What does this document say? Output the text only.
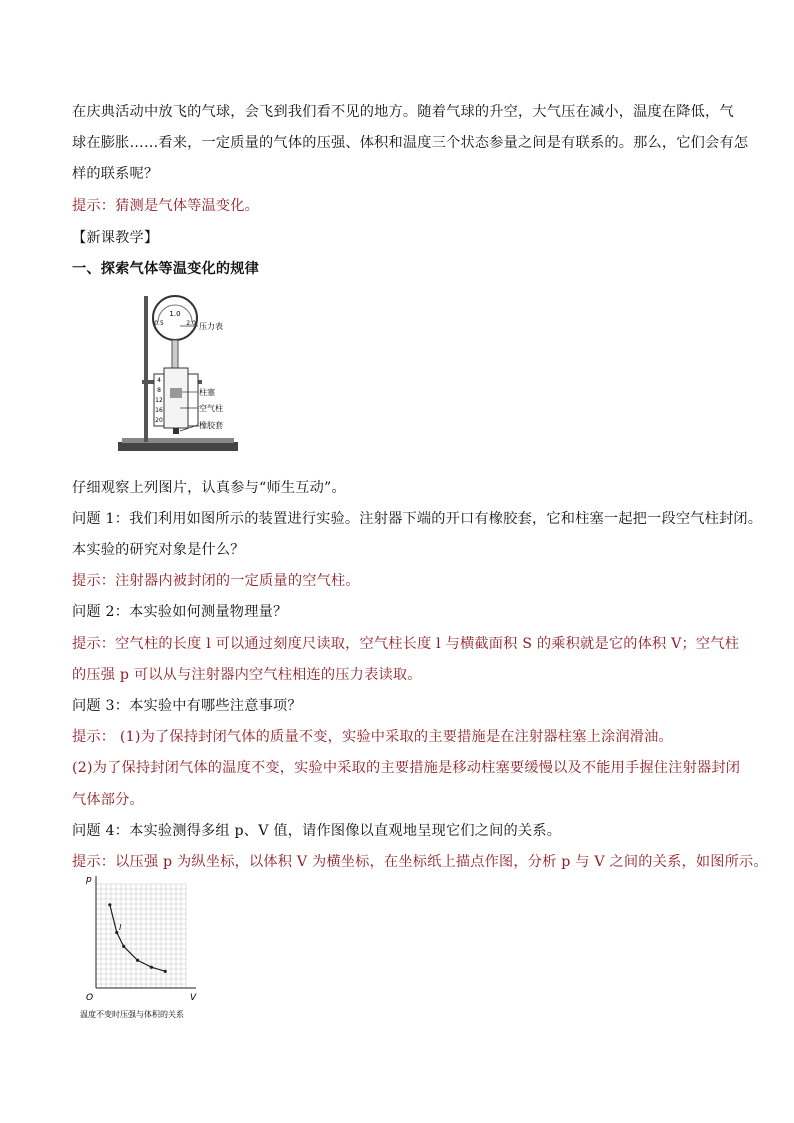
在庆典活动中放飞的气球，会飞到我们看不见的地方。随着气球的升空，大气压在减小，温度在降低，气
球在膨胀……看来，一定质量的气体的压强、体积和温度三个状态参量之间是有联系的。那么，它们会有怎
样的联系呢？
提示：猜测是气体等温变化。
【新课教学】
一、探索气体等温变化的规律
1.0
0.5	2.0
4
8
12
16
20
压力表
柱塞
空气柱
橡胶套
仔细观察上列图片，认真参与“师生互动”。
问题 1：我们利用如图所示的装置进行实验。注射器下端的开口有橡胶套，它和柱塞一起把一段空气柱封闭。
本实验的研究对象是什么？
提示：注射器内被封闭的一定质量的空气柱。
问题 2：本实验如何测量物理量？
提示：空气柱的长度 l 可以通过刻度尺读取，空气柱长度 l 与横截面积 S 的乘积就是它的体积 V；空气柱
的压强 p 可以从与注射器内空气柱相连的压力表读取。
问题 3：本实验中有哪些注意事项？
提示： (1)为了保持封闭气体的质量不变，实验中采取的主要措施是在注射器柱塞上涂润滑油。
(2)为了保持封闭气体的温度不变，实验中采取的主要措施是移动柱塞要缓慢以及不能用手握住注射器封闭
气体部分。
问题 4：本实验测得多组 p、V 值，请作图像以直观地呈现它们之间的关系。
提示：以压强 p 为纵坐标，以体积 V 为横坐标，在坐标纸上描点作图，分析 p 与 V 之间的关系，如图所示。
p
V
O
l
温度不变时压强与体积的关系
